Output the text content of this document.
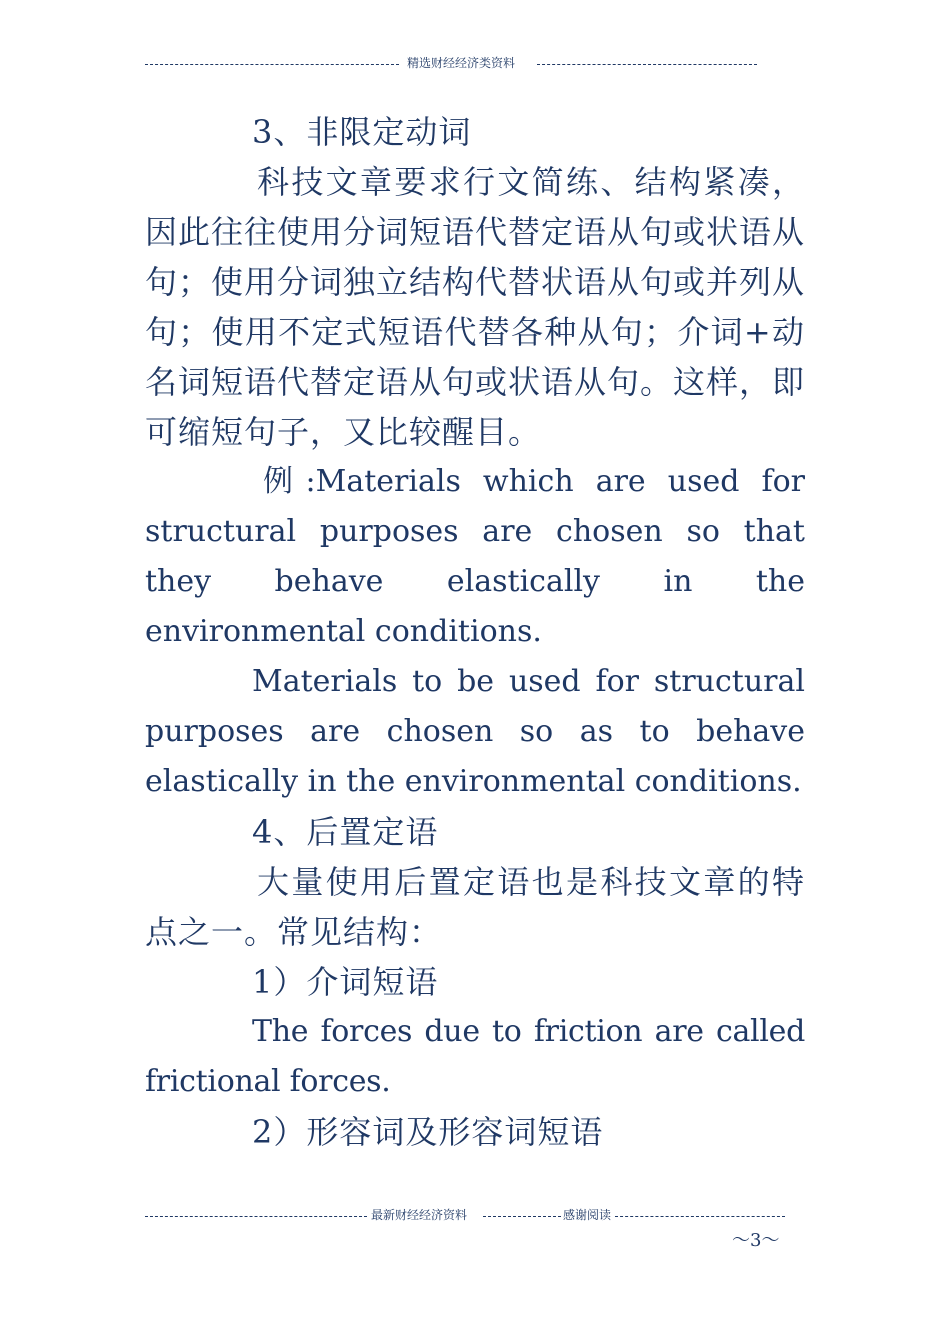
精选财经经济类资料

3、非限定动词

科技文章要求行文简练、结构紧凑，因此往往使用分词短语代替定语从句或状语从句；使用分词独立结构代替状语从句或并列从句；使用不定式短语代替各种从句；介词+动名词短语代替定语从句或状语从句。这样，即可缩短句子，又比较醒目。

例:Materials which are used for structural purposes are chosen so that they behave elastically in the environmental conditions.

Materials to be used for structural purposes are chosen so as to behave elastically in the environmental conditions.

4、后置定语

大量使用后置定语也是科技文章的特点之一。常见结构：

1）介词短语

The forces due to friction are called frictional forces.

2）形容词及形容词短语

最新财经经济资料	感谢阅读
～3～
